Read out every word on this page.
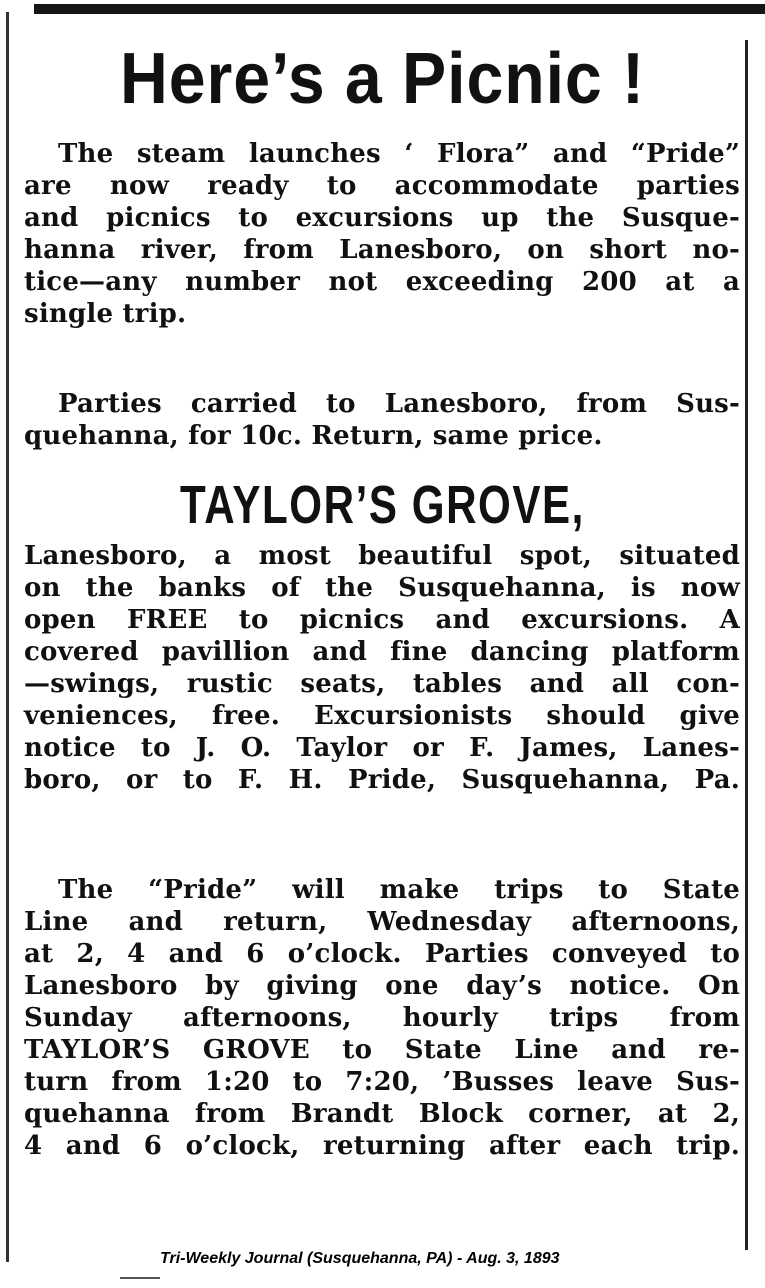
Here’s a Picnic !
The steam launches ‘ Flora” and “Pride”
are now ready to accommodate parties
and picnics to excursions up the Susque-
hanna river, from Lanesboro, on short no-
tice—any number not exceeding 200 at a
single trip.
Parties carried to Lanesboro, from Sus-
quehanna, for 10c. Return, same price.
TAYLOR’S GROVE,
Lanesboro, a most beautiful spot, situated
on the banks of the Susquehanna, is now
open FREE to picnics and excursions. A
covered pavillion and fine dancing platform
—swings, rustic seats, tables and all con-
veniences, free. Excursionists should give
notice to J. O. Taylor or F. James, Lanes-
boro, or to F. H. Pride, Susquehanna, Pa.
The “Pride” will make trips to State
Line and return, Wednesday afternoons,
at 2, 4 and 6 o’clock. Parties conveyed to
Lanesboro by giving one day’s notice. On
Sunday afternoons, hourly trips from
TAYLOR’S GROVE to State Line and re-
turn from 1:20 to 7:20, ’Busses leave Sus-
quehanna from Brandt Block corner, at 2,
4 and 6 o’clock, returning after each trip.
Tri-Weekly Journal (Susquehanna, PA) - Aug. 3, 1893
